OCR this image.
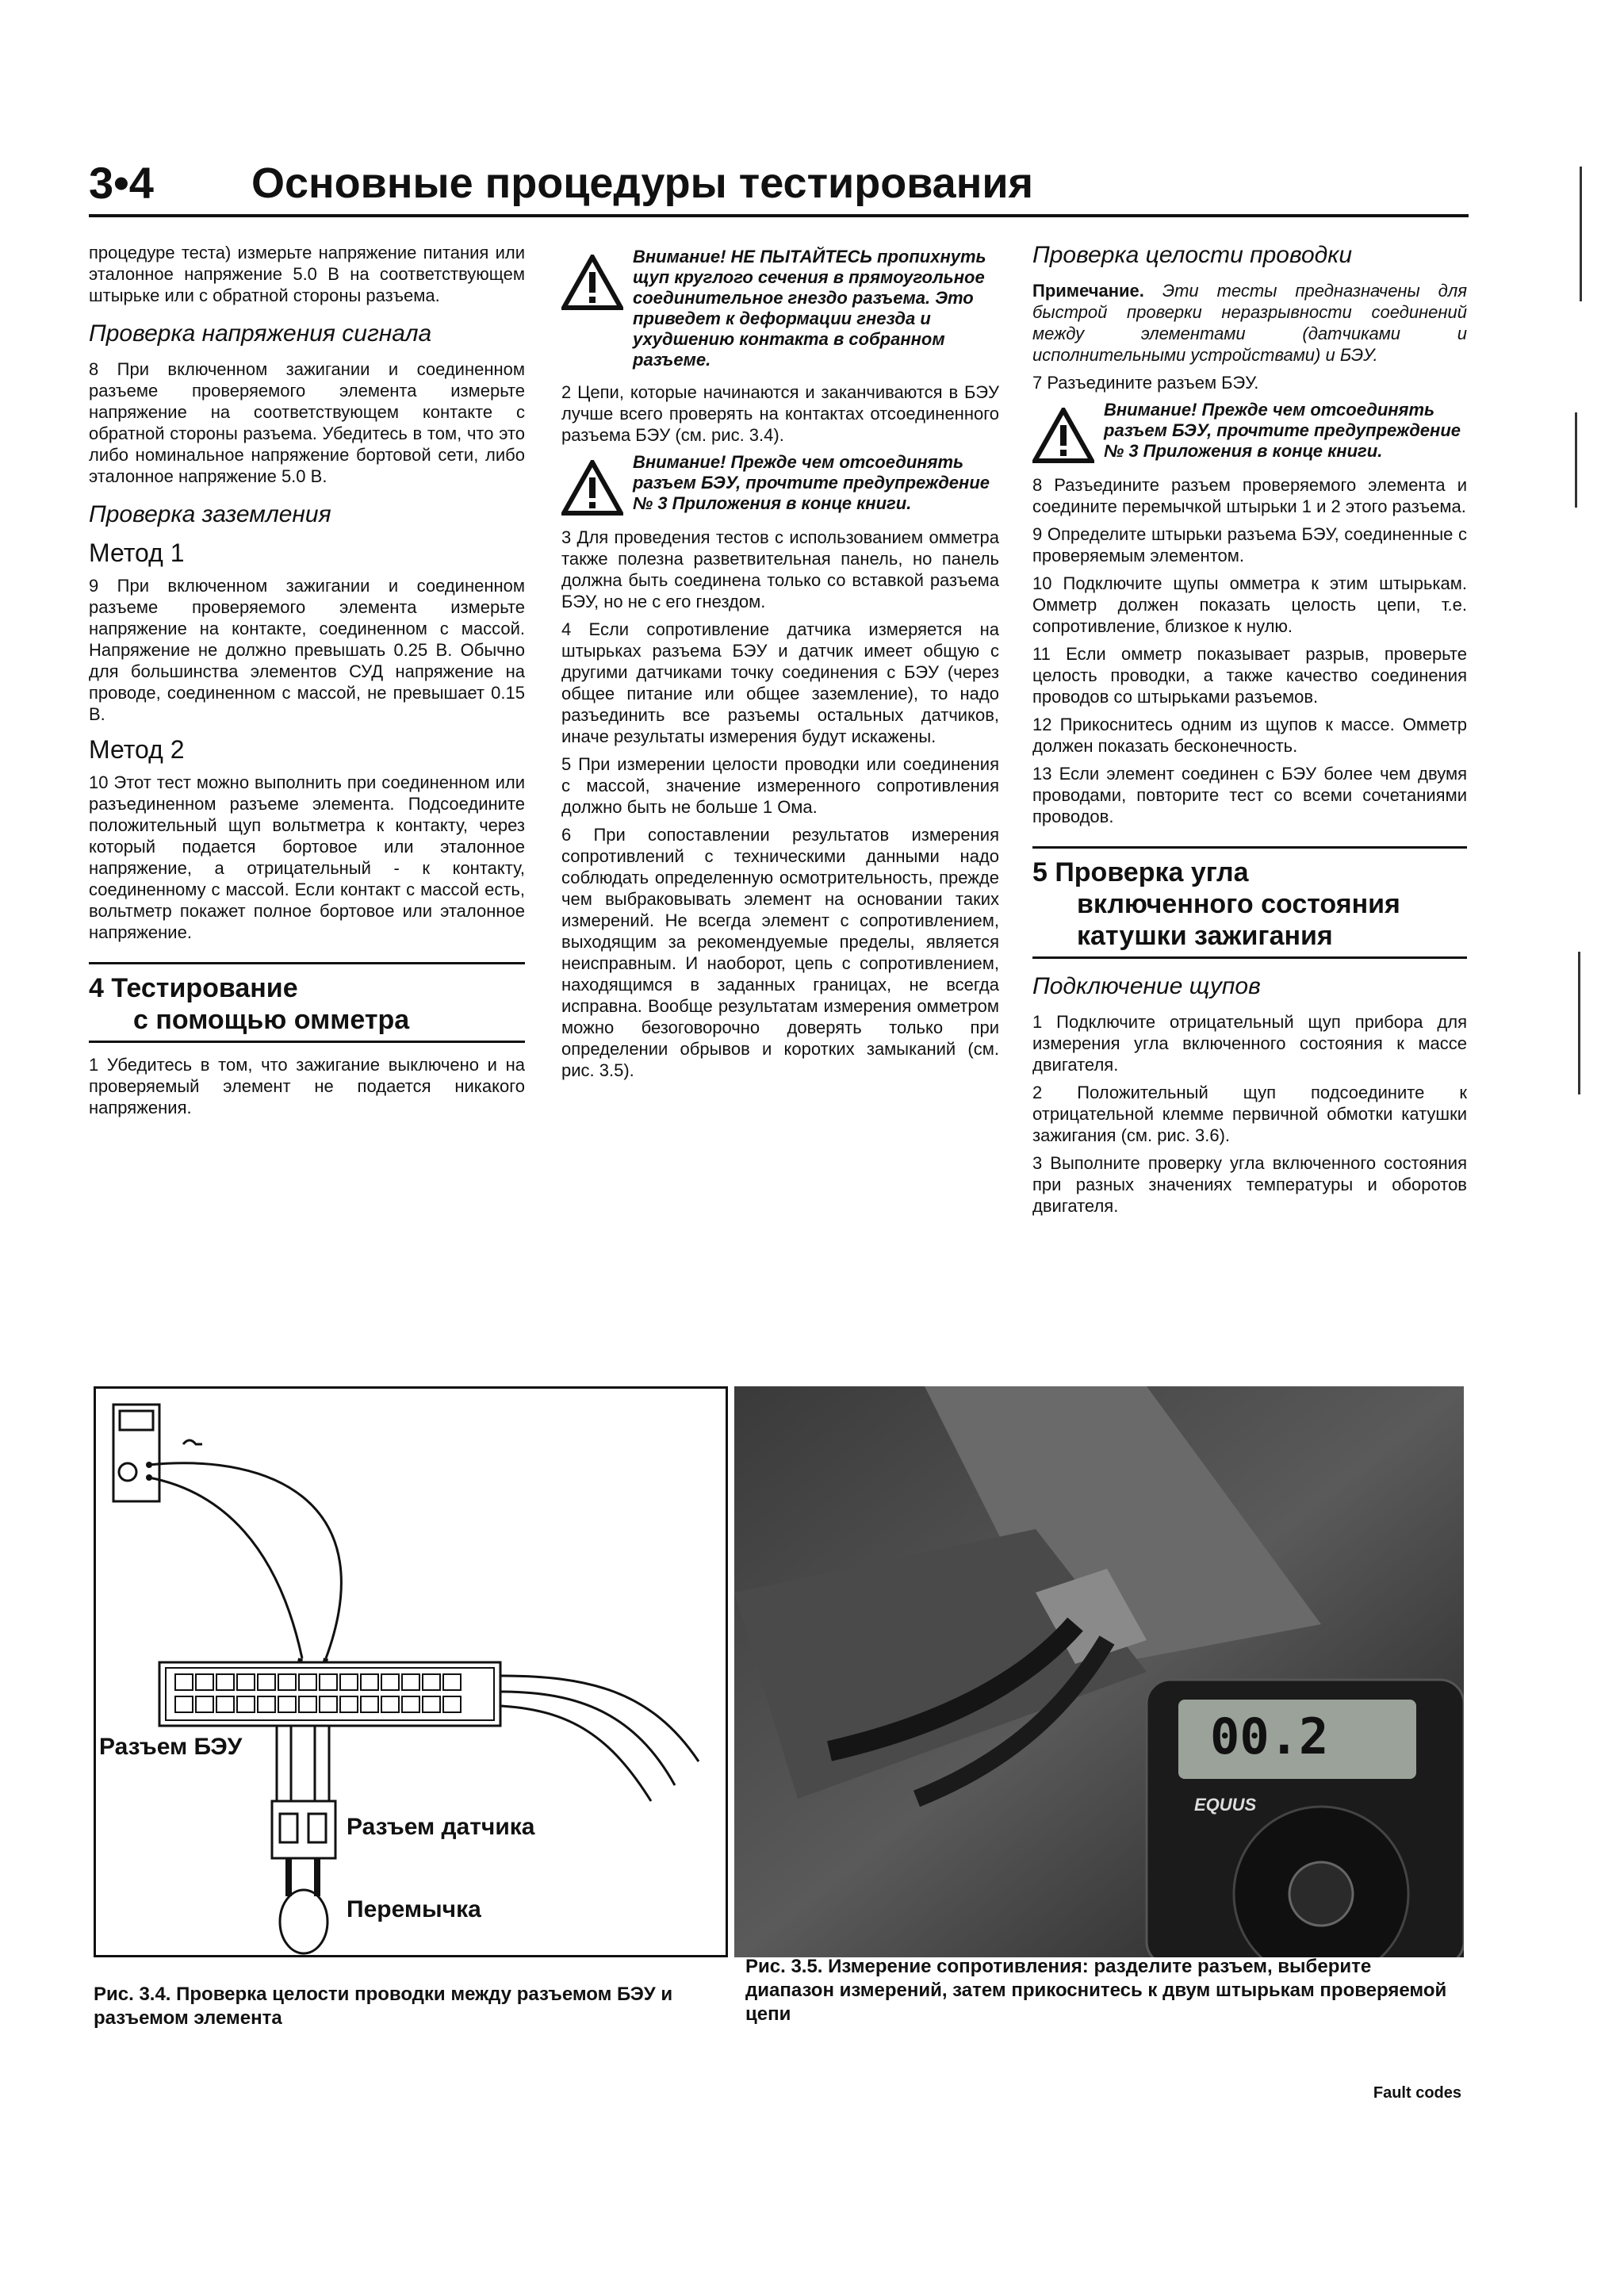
3•4 Основные процедуры тестирования

процедуре теста) измерьте напряжение питания или эталонное напряжение 5.0 В на соответствующем штырьке или с обратной стороны разъема.

Проверка напряжения сигнала

8 При включенном зажигании и соединенном разъеме проверяемого элемента измерьте напряжение на соответствующем контакте с обратной стороны разъема. Убедитесь в том, что это либо номинальное напряжение бортовой сети, либо эталонное напряжение 5.0 В.

Проверка заземления
Метод 1

9 При включенном зажигании и соединенном разъеме проверяемого элемента измерьте напряжение на контакте, соединенном с массой. Напряжение не должно превышать 0.25 В. Обычно для большинства элементов СУД напряжение на проводе, соединенном с массой, не превышает 0.15 В.

Метод 2

10 Этот тест можно выполнить при соединенном или разъединенном разъеме элемента. Подсоедините положительный щуп вольтметра к контакту, через который подается бортовое или эталонное напряжение, а отрицательный - к контакту, соединенному с массой. Если контакт с массой есть, вольтметр покажет полное бортовое или эталонное напряжение.

4 Тестирование
с помощью омметра

1 Убедитесь в том, что зажигание выключено и на проверяемый элемент не подается никакого напряжения.

Внимание! НЕ ПЫТАЙТЕСЬ пропихнуть щуп круглого сечения в прямоугольное соединительное гнездо разъема. Это приведет к деформации гнезда и ухудшению контакта в собранном разъеме.

2 Цепи, которые начинаются и заканчиваются в БЭУ лучше всего проверять на контактах отсоединенного разъема БЭУ (см. рис. 3.4).

Внимание! Прежде чем отсоединять разъем БЭУ, прочтите предупреждение № 3 Приложения в конце книги.

3 Для проведения тестов с использованием омметра также полезна разветвительная панель, но панель должна быть соединена только со вставкой разъема БЭУ, но не с его гнездом.

4 Если сопротивление датчика измеряется на штырьках разъема БЭУ и датчик имеет общую с другими датчиками точку соединения с БЭУ (через общее питание или общее заземление), то надо разъединить все разъемы остальных датчиков, иначе результаты измерения будут искажены.

5 При измерении целости проводки или соединения с массой, значение измеренного сопротивления должно быть не больше 1 Ома.

6 При сопоставлении результатов измерения сопротивлений с техническими данными надо соблюдать определенную осмотрительность, прежде чем выбраковывать элемент на основании таких измерений. Не всегда элемент с сопротивлением, выходящим за рекомендуемые пределы, является неисправным. И наоборот, цепь с сопротивлением, находящимся в заданных границах, не всегда исправна. Вообще результатам измерения омметром можно безоговорочно доверять только при определении обрывов и коротких замыканий (см. рис. 3.5).

Проверка целости проводки

Примечание. Эти тесты предназначены для быстрой проверки неразрывности соединений между элементами (датчиками и исполнительными устройствами) и БЭУ.

7 Разъедините разъем БЭУ.

Внимание! Прежде чем отсоединять разъем БЭУ, прочтите предупреждение № 3 Приложения в конце книги.

8 Разъедините разъем проверяемого элемента и соедините перемычкой штырьки 1 и 2 этого разъема.

9 Определите штырьки разъема БЭУ, соединенные с проверяемым элементом.

10 Подключите щупы омметра к этим штырькам. Омметр должен показать целость цепи, т.е. сопротивление, близкое к нулю.

11 Если омметр показывает разрыв, проверьте целость проводки, а также качество соединения проводов со штырьками разъемов.

12 Прикоснитесь одним из щупов к массе. Омметр должен показать бесконечность.

13 Если элемент соединен с БЭУ более чем двумя проводами, повторите тест со всеми сочетаниями проводов.

5 Проверка угла
включенного состояния
катушки зажигания
Подключение щупов

1 Подключите отрицательный щуп прибора для измерения угла включенного состояния к массе двигателя.

2 Положительный щуп подсоедините к отрицательной клемме первичной обмотки катушки зажигания (см. рис. 3.6).

3 Выполните проверку угла включенного состояния при разных значениях температуры и оборотов двигателя.

Разъем БЭУ
Разъем датчика
Перемычка
00.2
EQUUS
Рис. 3.4. Проверка целости проводки между разъемом БЭУ и разъемом элемента
Рис. 3.5. Измерение сопротивления: разделите разъем, выберите диапазон измерений, затем прикоснитесь к двум штырькам проверяемой цепи
Fault codes
